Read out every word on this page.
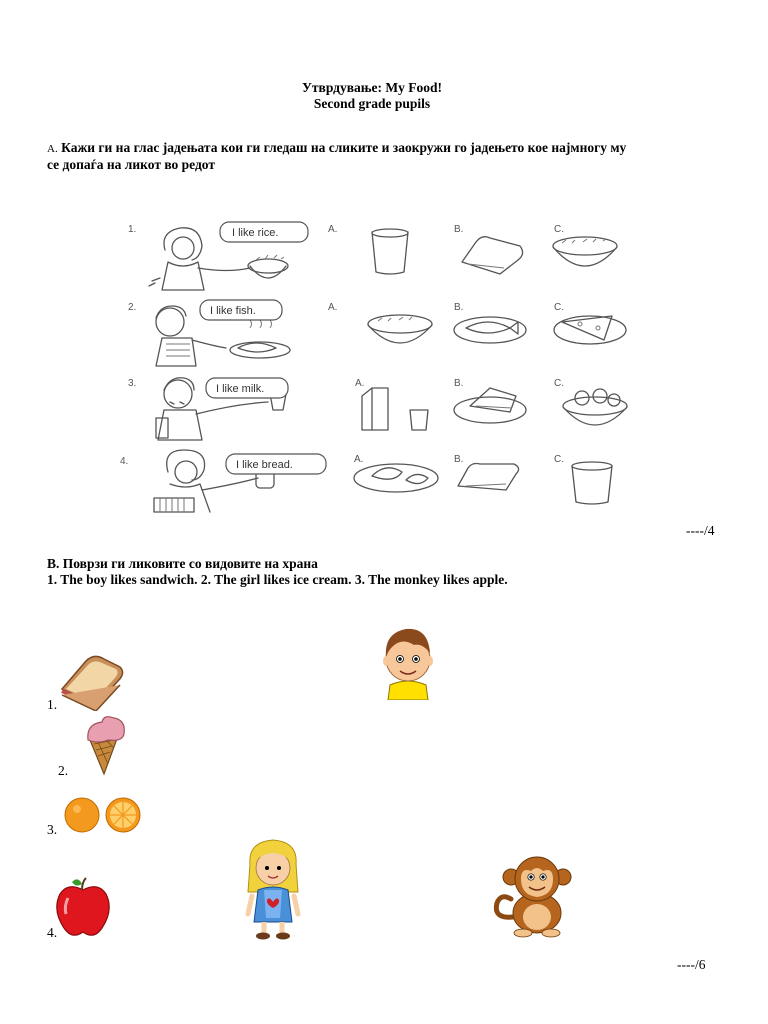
Утврдување: My Food!
Second grade pupils
A. Кажи ги на глас јадењата кои ги гледаш на сликите и заокружи го јадењето кое најмногу му
се допаѓа на ликот во редот
1.	I like rice.	A.	B.	C.
2.	I like fish.	A.	B.	C.
3.	I like milk.	A.	B.	C.
4.	I like bread.	A.	B.	C.
----/4
B. Поврзи ги ликовите со видовите на храна
1. The boy likes sandwich. 2. The girl likes ice cream. 3. The monkey likes apple.
1.
2.
3.
4.
----/6
